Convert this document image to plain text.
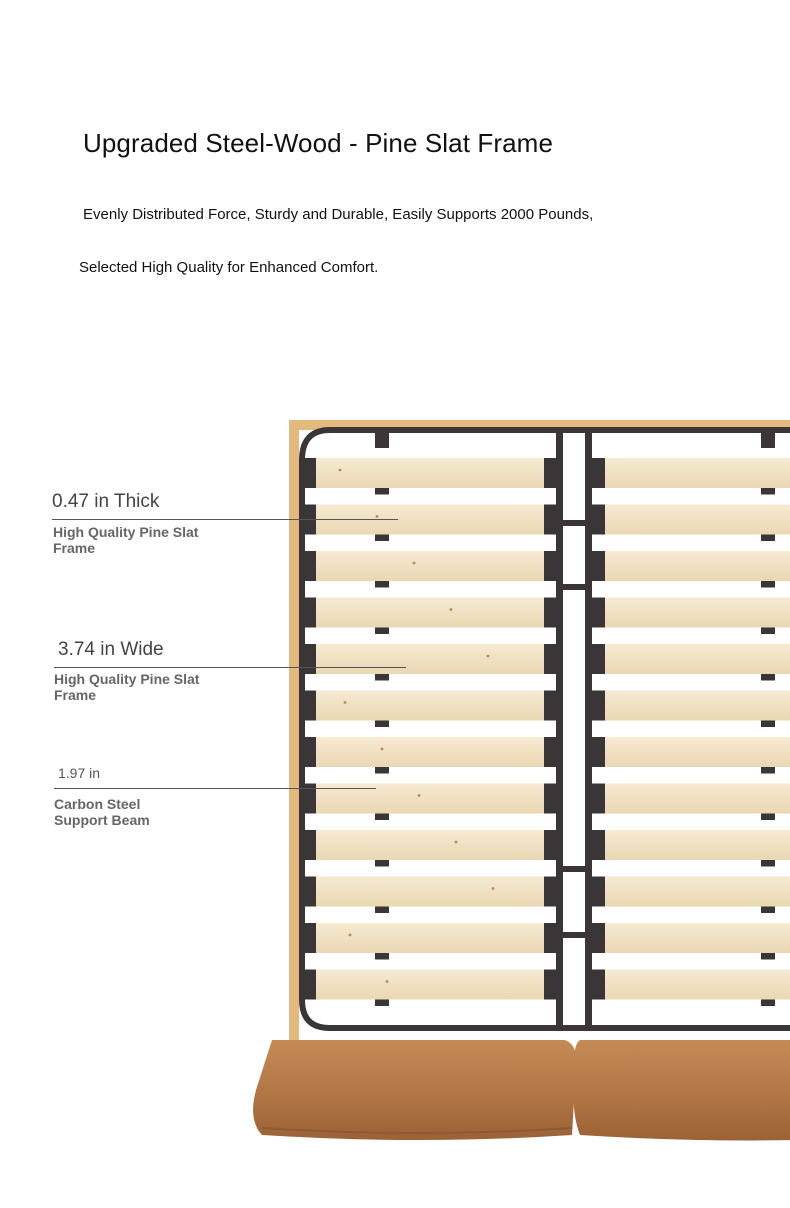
Upgraded Steel-Wood - Pine Slat Frame
Evenly Distributed Force, Sturdy and Durable, Easily Supports 2000 Pounds,
Selected High Quality for Enhanced Comfort.
0.47 in Thick
High Quality Pine Slat
Frame
3.74 in Wide
High Quality Pine Slat
Frame
1.97 in
Carbon Steel
Support Beam
